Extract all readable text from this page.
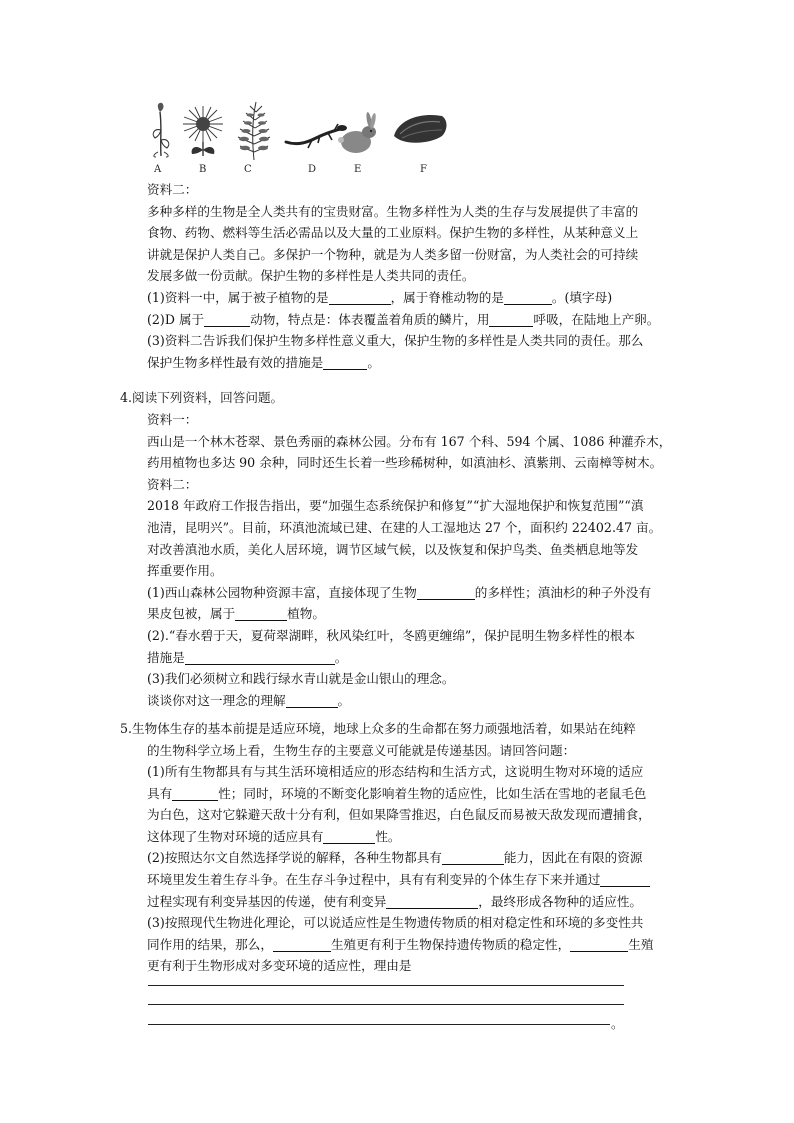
A	B	C	D	E	F
资料二：
多种多样的生物是全人类共有的宝贵财富。生物多样性为人类的生存与发展提供了丰富的
食物、药物、燃料等生活必需品以及大量的工业原料。保护生物的多样性，从某种意义上
讲就是保护人类自己。多保护一个物种，就是为人类多留一份财富，为人类社会的可持续
发展多做一份贡献。保护生物的多样性是人类共同的责任。
(1)资料一中，属于被子植物的是	，属于脊椎动物的是	。(填字母)
(2)D 属于	动物，特点是：体表覆盖着角质的鳞片，用	呼吸，在陆地上产卵。
(3)资料二告诉我们保护生物多样性意义重大，保护生物的多样性是人类共同的责任。那么
保护生物多样性最有效的措施是	。
4.阅读下列资料，回答问题。
资料一：
西山是一个林木苍翠、景色秀丽的森林公园。分布有 167 个科、594 个属、1086 种灌乔木，
药用植物也多达 90 余种，同时还生长着一些珍稀树种，如滇油杉、滇紫荆、云南樟等树木。
资料二：
2018 年政府工作报告指出，要“加强生态系统保护和修复”“扩大湿地保护和恢复范围”“滇
池清，昆明兴”。目前，环滇池流域已建、在建的人工湿地达 27 个，面积约 22402.47 亩。
对改善滇池水质，美化人居环境，调节区域气候，以及恢复和保护鸟类、鱼类栖息地等发
挥重要作用。
(1)西山森林公园物种资源丰富，直接体现了生物	的多样性；滇油杉的种子外没有
果皮包被，属于	植物。
(2).“春水碧于天，夏荷翠湖畔，秋风染红叶，冬鸥更缠绵”，保护昆明生物多样性的根本
措施是	。
(3)我们必须树立和践行绿水青山就是金山银山的理念。
谈谈你对这一理念的理解	。
5.生物体生存的基本前提是适应环境，地球上众多的生命都在努力顽强地活着，如果站在纯粹
的生物科学立场上看，生物生存的主要意义可能就是传递基因。请回答问题：
(1)所有生物都具有与其生活环境相适应的形态结构和生活方式，这说明生物对环境的适应
具有	性；同时，环境的不断变化影响着生物的适应性，比如生活在雪地的老鼠毛色
为白色，这对它躲避天敌十分有利，但如果降雪推迟，白色鼠反而易被天敌发现而遭捕食，
这体现了生物对环境的适应具有	性。
(2)按照达尔文自然选择学说的解释，各种生物都具有	能力，因此在有限的资源
环境里发生着生存斗争。在生存斗争过程中，具有有利变异的个体生存下来并通过
过程实现有利变异基因的传递，使有利变异	，最终形成各物种的适应性。
(3)按照现代生物进化理论，可以说适应性是生物遗传物质的相对稳定性和环境的多变性共
同作用的结果，那么，	生殖更有利于生物保持遗传物质的稳定性，	生殖
更有利于生物形成对多变环境的适应性，理由是
。
